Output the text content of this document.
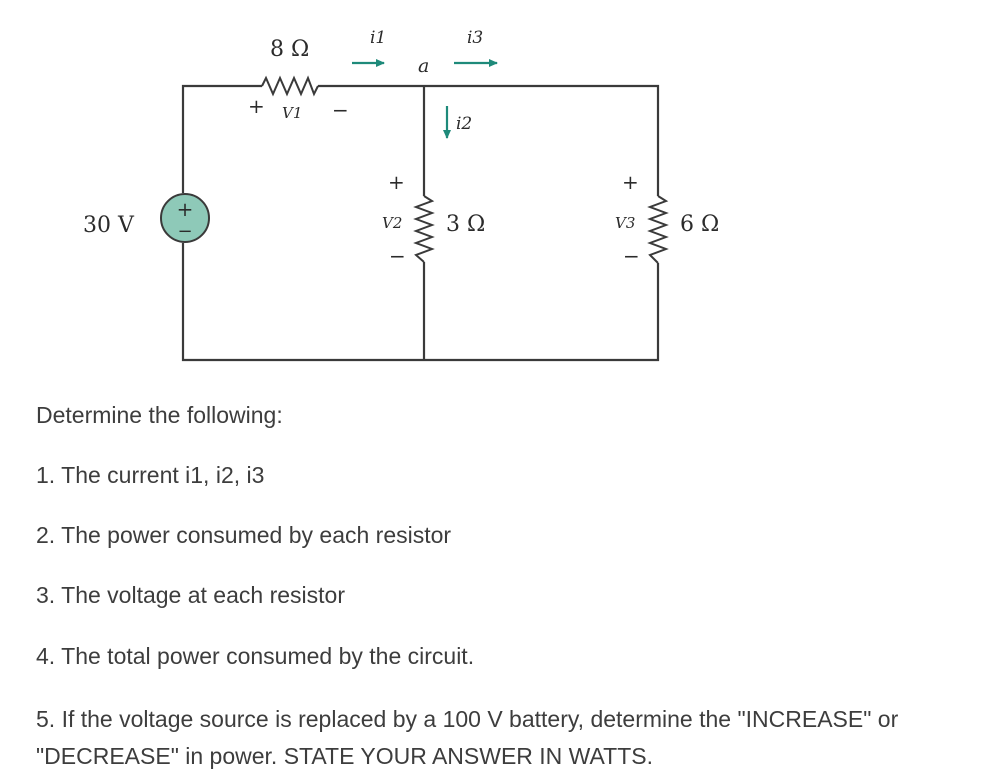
+
−
30 V
8 Ω
+ V1 −
i1
a
i3
i2
+
V2
−
3 Ω
+
V3
−
6 Ω

Determine the following:

1. The current i1, i2, i3

2. The power consumed by each resistor

3. The voltage at each resistor

4. The total power consumed by the circuit.

5. If the voltage source is replaced by a 100 V battery, determine the "INCREASE" or "DECREASE" in power. STATE YOUR ANSWER IN WATTS.
